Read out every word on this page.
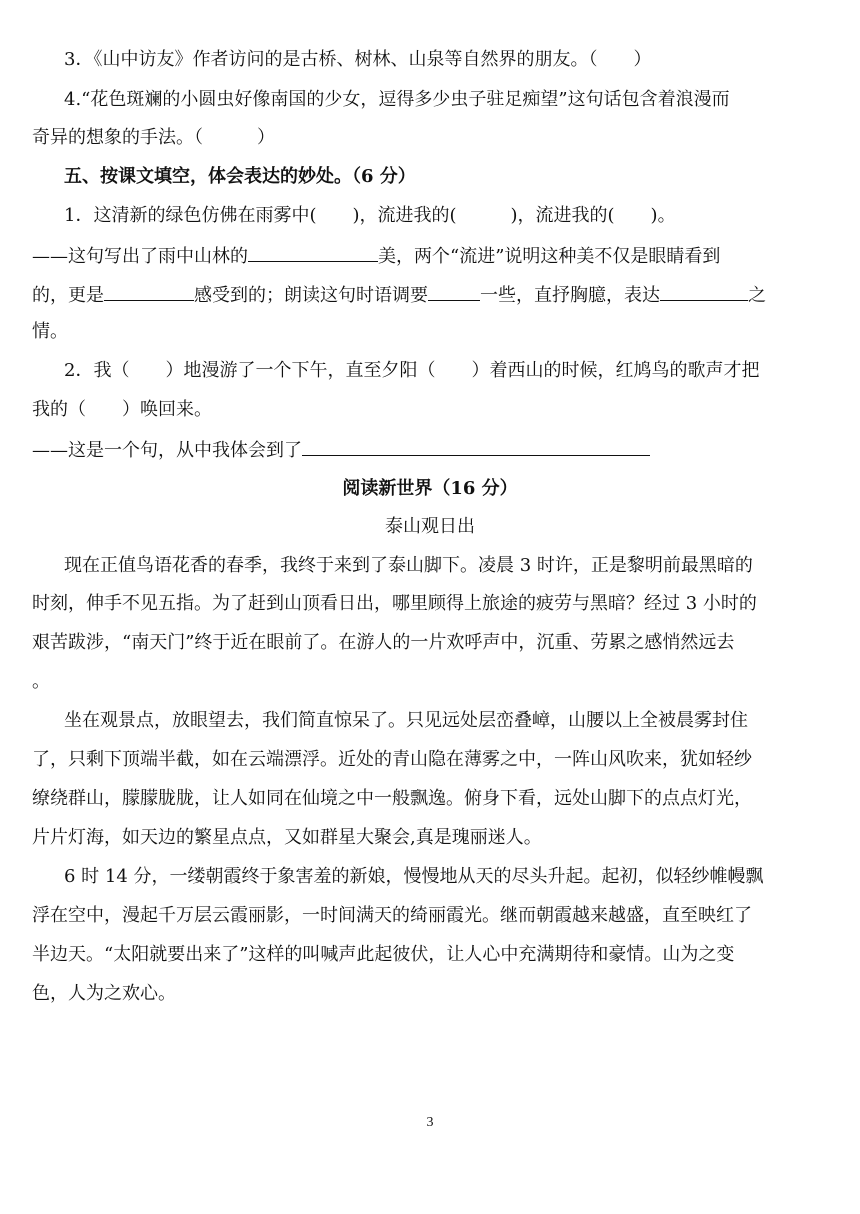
3．《山中访友》作者访问的是古桥、树林、山泉等自然界的朋友。（　　）
4.“花色斑斓的小圆虫好像南国的少女，逗得多少虫子驻足痴望”这句话包含着浪漫而
奇异的想象的手法。（　　　）
五、按课文填空，体会表达的妙处。（6 分）
1．这清新的绿色仿佛在雨雾中(　　)，流进我的(　　　)，流进我的(　　)。
——这句写出了雨中山林的	美，两个“流进”说明这种美不仅是眼睛看到
的，更是	感受到的；朗读这句时语调要	一些，直抒胸臆，表达	之
情。
2．我（　　）地漫游了一个下午，直至夕阳（　　）着西山的时候，红鸠鸟的歌声才把
我的（　　）唤回来。
——这是一个句，从中我体会到了
阅读新世界（16 分）
泰山观日出
现在正值鸟语花香的春季，我终于来到了泰山脚下。凌晨 3 时许，正是黎明前最黑暗的
时刻，伸手不见五指。为了赶到山顶看日出，哪里顾得上旅途的疲劳与黑暗？经过 3 小时的
艰苦跋涉，“南天门”终于近在眼前了。在游人的一片欢呼声中，沉重、劳累之感悄然远去
。
坐在观景点，放眼望去，我们简直惊呆了。只见远处层峦叠嶂，山腰以上全被晨雾封住
了，只剩下顶端半截，如在云端漂浮。近处的青山隐在薄雾之中，一阵山风吹来，犹如轻纱
缭绕群山，朦朦胧胧，让人如同在仙境之中一般飘逸。俯身下看，远处山脚下的点点灯光，
片片灯海，如天边的繁星点点，又如群星大聚会,真是瑰丽迷人。
6 时 14 分，一缕朝霞终于象害羞的新娘，慢慢地从天的尽头升起。起初，似轻纱帷幔飘
浮在空中，漫起千万层云霞丽影，一时间满天的绮丽霞光。继而朝霞越来越盛，直至映红了
半边天。“太阳就要出来了”这样的叫喊声此起彼伏，让人心中充满期待和豪情。山为之变
色，人为之欢心。
3
